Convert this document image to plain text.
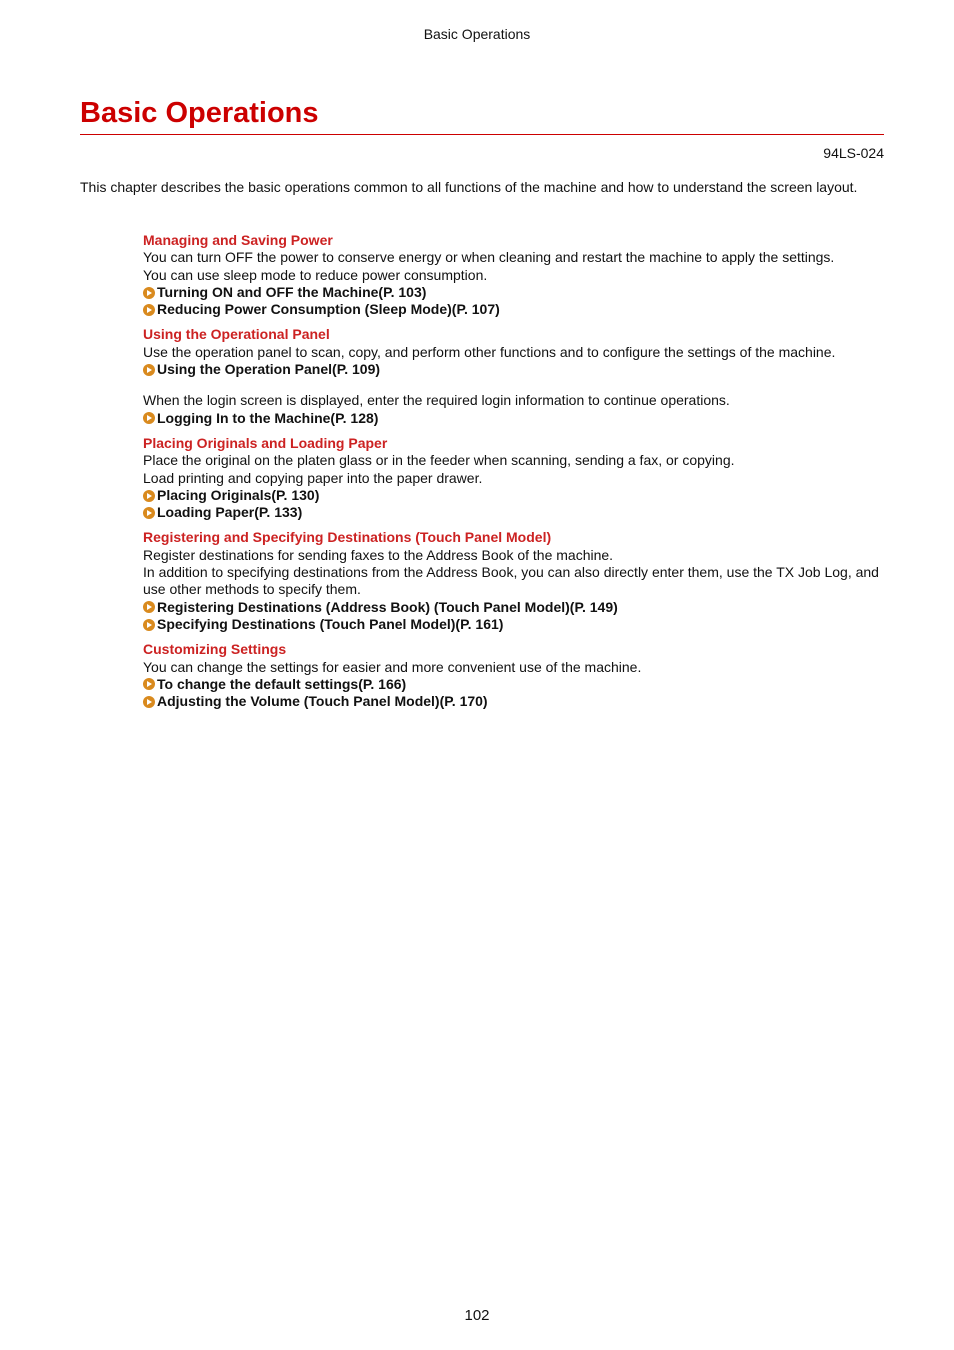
Basic Operations
Basic Operations
94LS-024

This chapter describes the basic operations common to all functions of the machine and how to understand the screen layout.

Managing and Saving Power

You can turn OFF the power to conserve energy or when cleaning and restart the machine to apply the settings.

You can use sleep mode to reduce power consumption.

Turning ON and OFF the Machine(P. 103)
Reducing Power Consumption (Sleep Mode)(P. 107)
Using the Operational Panel

Use the operation panel to scan, copy, and perform other functions and to configure the settings of the machine.

Using the Operation Panel(P. 109)

When the login screen is displayed, enter the required login information to continue operations.

Logging In to the Machine(P. 128)
Placing Originals and Loading Paper

Place the original on the platen glass or in the feeder when scanning, sending a fax, or copying.

Load printing and copying paper into the paper drawer.

Placing Originals(P. 130)
Loading Paper(P. 133)
Registering and Specifying Destinations (Touch Panel Model)

Register destinations for sending faxes to the Address Book of the machine.

In addition to specifying destinations from the Address Book, you can also directly enter them, use the TX Job Log, and use other methods to specify them.

Registering Destinations (Address Book) (Touch Panel Model)(P. 149)
Specifying Destinations (Touch Panel Model)(P. 161)
Customizing Settings

You can change the settings for easier and more convenient use of the machine.

To change the default settings(P. 166)
Adjusting the Volume (Touch Panel Model)(P. 170)
102
